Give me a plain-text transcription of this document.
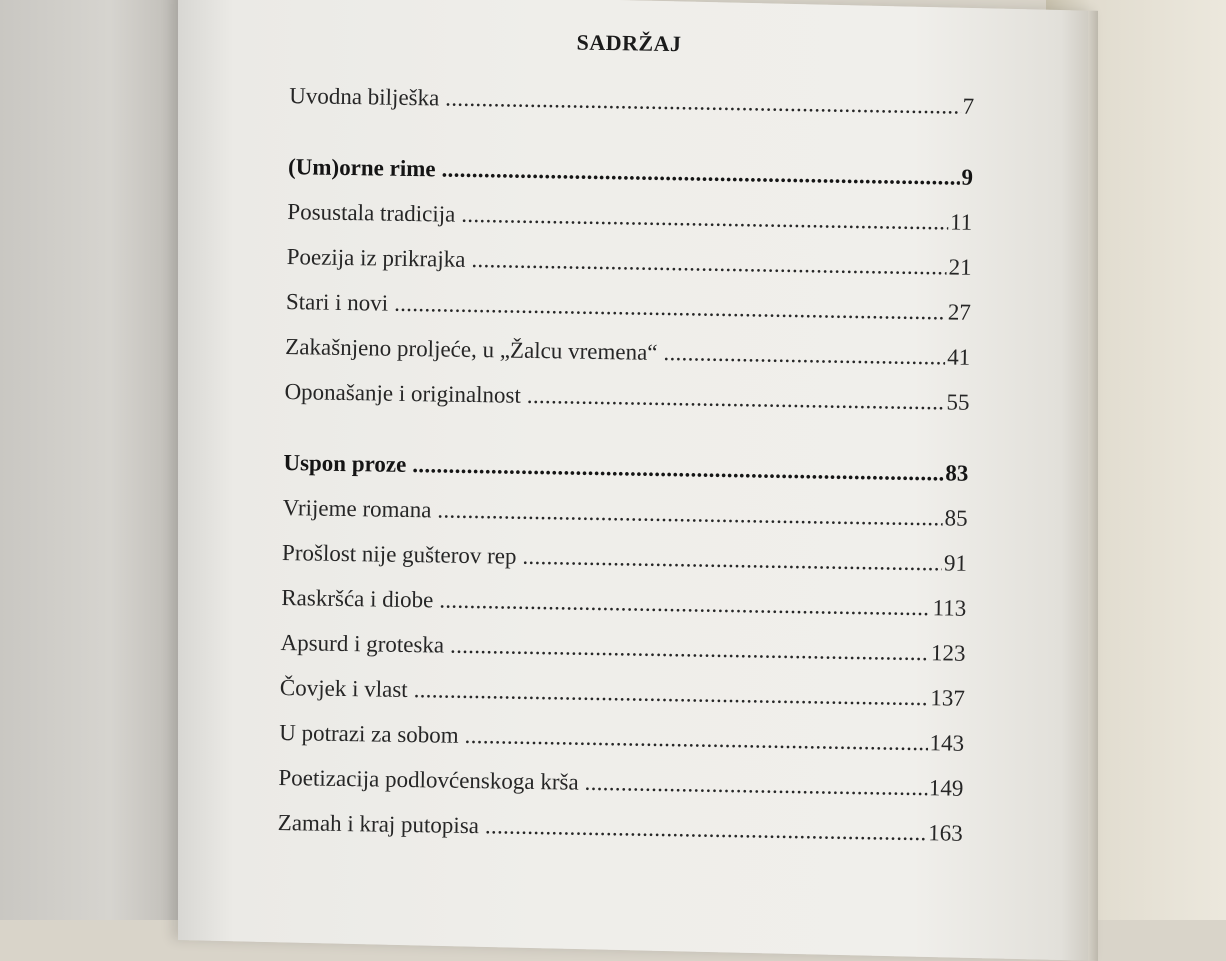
SADRŽAJ
Uvodna bilješka .....	7
(Um)orne rime .....	9
Posustala tradicija .....	11
Poezija iz prikrajka .....	21
Stari i novi .....	27
Zakašnjeno proljeće, u „Žalcu vremena“ .....	41
Oponašanje i originalnost .....	55
Uspon proze .....	83
Vrijeme romana .....	85
Prošlost nije gušterov rep .....	91
Raskršća i diobe .....	113
Apsurd i groteska .....	123
Čovjek i vlast .....	137
U potrazi za sobom .....	143
Poetizacija podlovćenskoga krša .....	149
Zamah i kraj putopisa .....	163
